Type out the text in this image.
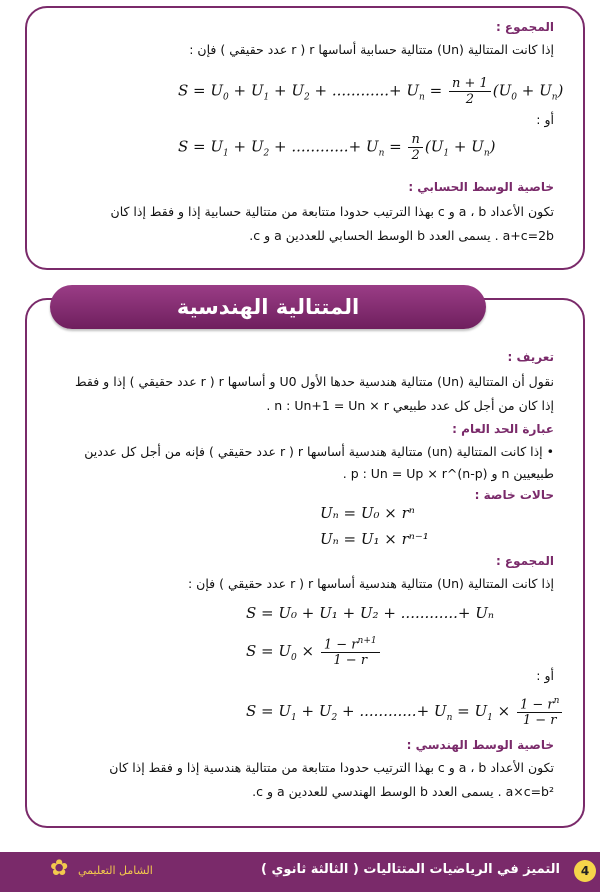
المجموع :
إذا كانت المتتالية (Un) متتالية حسابية أساسها r ( r عدد حقيقي ) فإن :
$S = U_0 + U_1 + U_2$ + ............+ $U_n = \frac{n + 1}{2} (U_0 + U_n)$
أو :
$S = U_1 + U_2$ + ............+ $U_n = \frac{n}{2} (U_1 + U_n)$
خاصية الوسط الحسابي :
تكون الأعداد a ، b و c بهذا الترتيب حدودا متتابعة من متتالية حسابية إذا و فقط إذا كان
a+c=2b . يسمى العدد b الوسط الحسابي للعددين a و c.
المتتالية الهندسية
تعريف :
نقول أن المتتالية (Un) متتالية هندسية حدها الأول U0 و أساسها r ( r عدد حقيقي ) إذا و فقط
إذا كان من أجل كل عدد طبيعي n : Un+1 = Un × r .
عبارة الحد العام :
• إذا كانت المتتالية (un) متتالية هندسية أساسها r ( r عدد حقيقي ) فإنه من أجل كل عددين
طبيعيين n و p : Un = Up × r^(n-p) .
حالات خاصة :
Uₙ = U₀ × rⁿ
Uₙ = U₁ × rⁿ⁻¹
المجموع :
إذا كانت المتتالية (Un) متتالية هندسية أساسها r ( r عدد حقيقي ) فإن :
S = U₀ + U₁ + U₂ + ............+ Uₙ
$S = U_0 \times \frac{1 - r^{n+1}}{1 - r}$
أو :
$S = U_1 + U_2$ + ............+ $U_n = U_1 \times \frac{1 - r^n}{1 - r}$
خاصية الوسط الهندسي :
تكون الأعداد a ، b و c بهذا الترتيب حدودا متتابعة من متتالية هندسية إذا و فقط إذا كان
a×c=b² . يسمى العدد b الوسط الهندسي للعددين a و c.
4
التميز في الرياضيات المتتاليات ( الثالثة ثانوي )
✿ الشامل التعليمي
